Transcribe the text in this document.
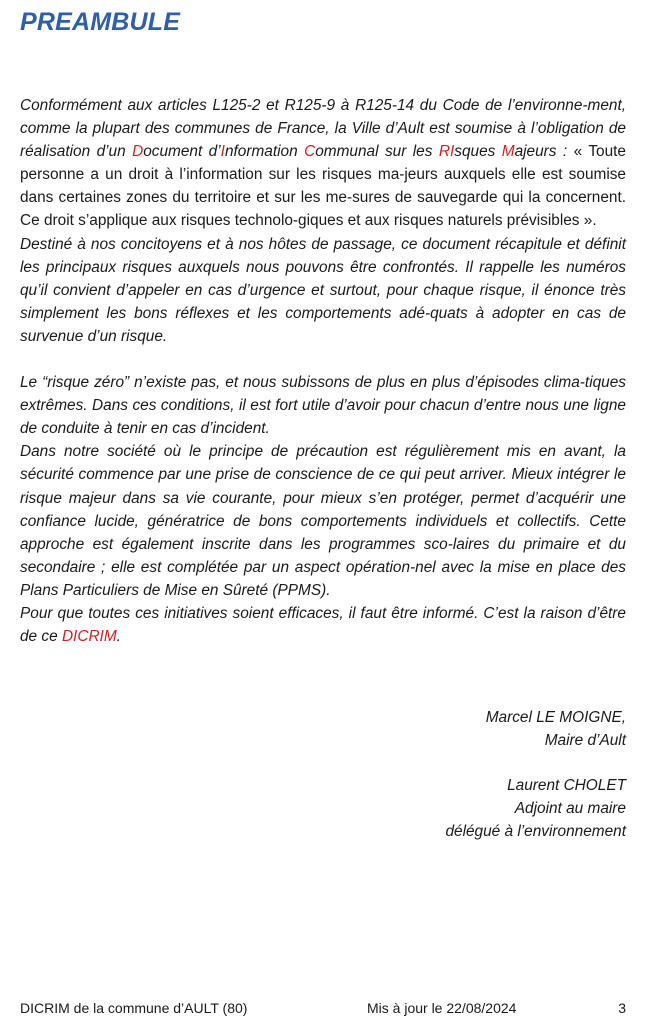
PREAMBULE

Conformément aux articles L125-2 et R125-9 à R125-14 du Code de l’environne-ment, comme la plupart des communes de France, la Ville d’Ault est soumise à l’obligation de réalisation d’un Document d’Information Communal sur les RIsques Majeurs : « Toute personne a un droit à l’information sur les risques ma-jeurs auxquels elle est soumise dans certaines zones du territoire et sur les me-sures de sauvegarde qui la concernent. Ce droit s’applique aux risques technolo-giques et aux risques naturels prévisibles ».

Destiné à nos concitoyens et à nos hôtes de passage, ce document récapitule et définit les principaux risques auxquels nous pouvons être confrontés. Il rappelle les numéros qu’il convient d’appeler en cas d’urgence et surtout, pour chaque risque, il énonce très simplement les bons réflexes et les comportements adé-quats à adopter en cas de survenue d’un risque.

Le “risque zéro” n’existe pas, et nous subissons de plus en plus d’épisodes clima-tiques extrêmes. Dans ces conditions, il est fort utile d’avoir pour chacun d’entre nous une ligne de conduite à tenir en cas d’incident.

Dans notre société où le principe de précaution est régulièrement mis en avant, la sécurité commence par une prise de conscience de ce qui peut arriver. Mieux intégrer le risque majeur dans sa vie courante, pour mieux s’en protéger, permet d’acquérir une confiance lucide, génératrice de bons comportements individuels et collectifs. Cette approche est également inscrite dans les programmes sco-laires du primaire et du secondaire ; elle est complétée par un aspect opération-nel avec la mise en place des Plans Particuliers de Mise en Sûreté (PPMS).

Pour que toutes ces initiatives soient efficaces, il faut être informé. C’est la raison d’être de ce DICRIM.

Marcel LE MOIGNE,
Maire d’Ault
Laurent CHOLET
Adjoint au maire
délégué à l’environnement
DICRIM de la commune d’AULT (80)	Mis à jour le 22/08/2024	3
